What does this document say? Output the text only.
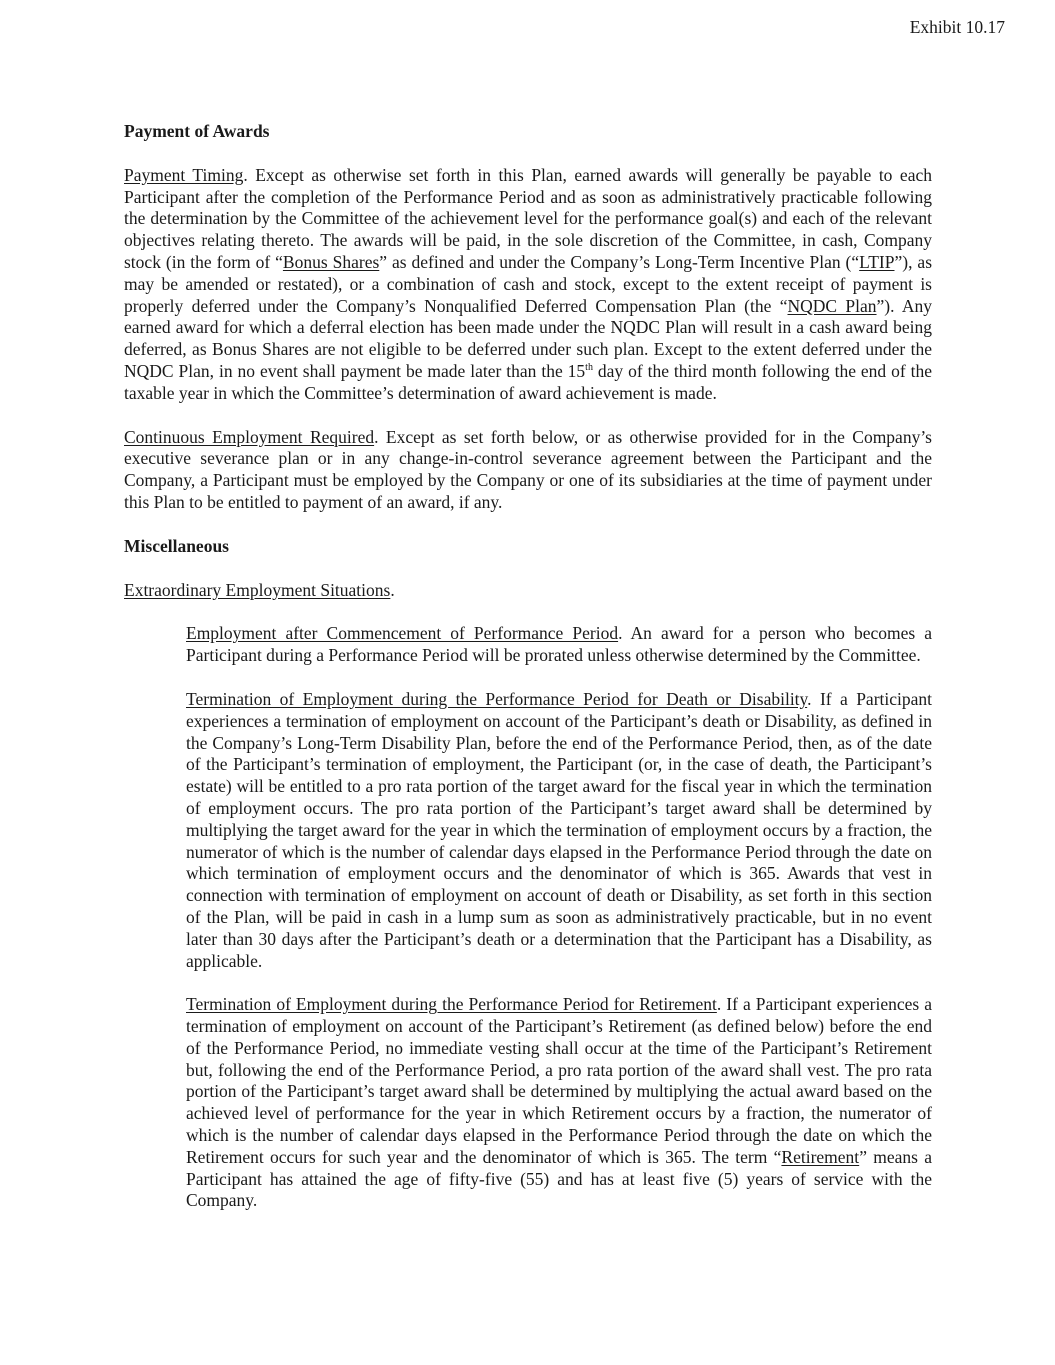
Exhibit 10.17

Payment of Awards

Payment Timing. Except as otherwise set forth in this Plan, earned awards will generally be payable to each Participant after the completion of the Performance Period and as soon as administratively practicable following the determination by the Committee of the achievement level for the performance goal(s) and each of the relevant objectives relating thereto. The awards will be paid, in the sole discretion of the Committee, in cash, Company stock (in the form of “Bonus Shares” as defined and under the Company’s Long-Term Incentive Plan (“LTIP”), as may be amended or restated), or a combination of cash and stock, except to the extent receipt of payment is properly deferred under the Company’s Nonqualified Deferred Compensation Plan (the “NQDC Plan”). Any earned award for which a deferral election has been made under the NQDC Plan will result in a cash award being deferred, as Bonus Shares are not eligible to be deferred under such plan. Except to the extent deferred under the NQDC Plan, in no event shall payment be made later than the 15th day of the third month following the end of the taxable year in which the Committee’s determination of award achievement is made.

Continuous Employment Required. Except as set forth below, or as otherwise provided for in the Company’s executive severance plan or in any change-in-control severance agreement between the Participant and the Company, a Participant must be employed by the Company or one of its subsidiaries at the time of payment under this Plan to be entitled to payment of an award, if any.

Miscellaneous

Extraordinary Employment Situations.

Employment after Commencement of Performance Period. An award for a person who becomes a Participant during a Performance Period will be prorated unless otherwise determined by the Committee.

Termination of Employment during the Performance Period for Death or Disability. If a Participant experiences a termination of employment on account of the Participant’s death or Disability, as defined in the Company’s Long-Term Disability Plan, before the end of the Performance Period, then, as of the date of the Participant’s termination of employment, the Participant (or, in the case of death, the Participant’s estate) will be entitled to a pro rata portion of the target award for the fiscal year in which the termination of employment occurs. The pro rata portion of the Participant’s target award shall be determined by multiplying the target award for the year in which the termination of employment occurs by a fraction, the numerator of which is the number of calendar days elapsed in the Performance Period through the date on which termination of employment occurs and the denominator of which is 365. Awards that vest in connection with termination of employment on account of death or Disability, as set forth in this section of the Plan, will be paid in cash in a lump sum as soon as administratively practicable, but in no event later than 30 days after the Participant’s death or a determination that the Participant has a Disability, as applicable.

Termination of Employment during the Performance Period for Retirement. If a Participant experiences a termination of employment on account of the Participant’s Retirement (as defined below) before the end of the Performance Period, no immediate vesting shall occur at the time of the Participant’s Retirement but, following the end of the Performance Period, a pro rata portion of the award shall vest. The pro rata portion of the Participant’s target award shall be determined by multiplying the actual award based on the achieved level of performance for the year in which Retirement occurs by a fraction, the numerator of which is the number of calendar days elapsed in the Performance Period through the date on which the Retirement occurs for such year and the denominator of which is 365. The term “Retirement” means a Participant has attained the age of fifty-five (55) and has at least five (5) years of service with the Company.
